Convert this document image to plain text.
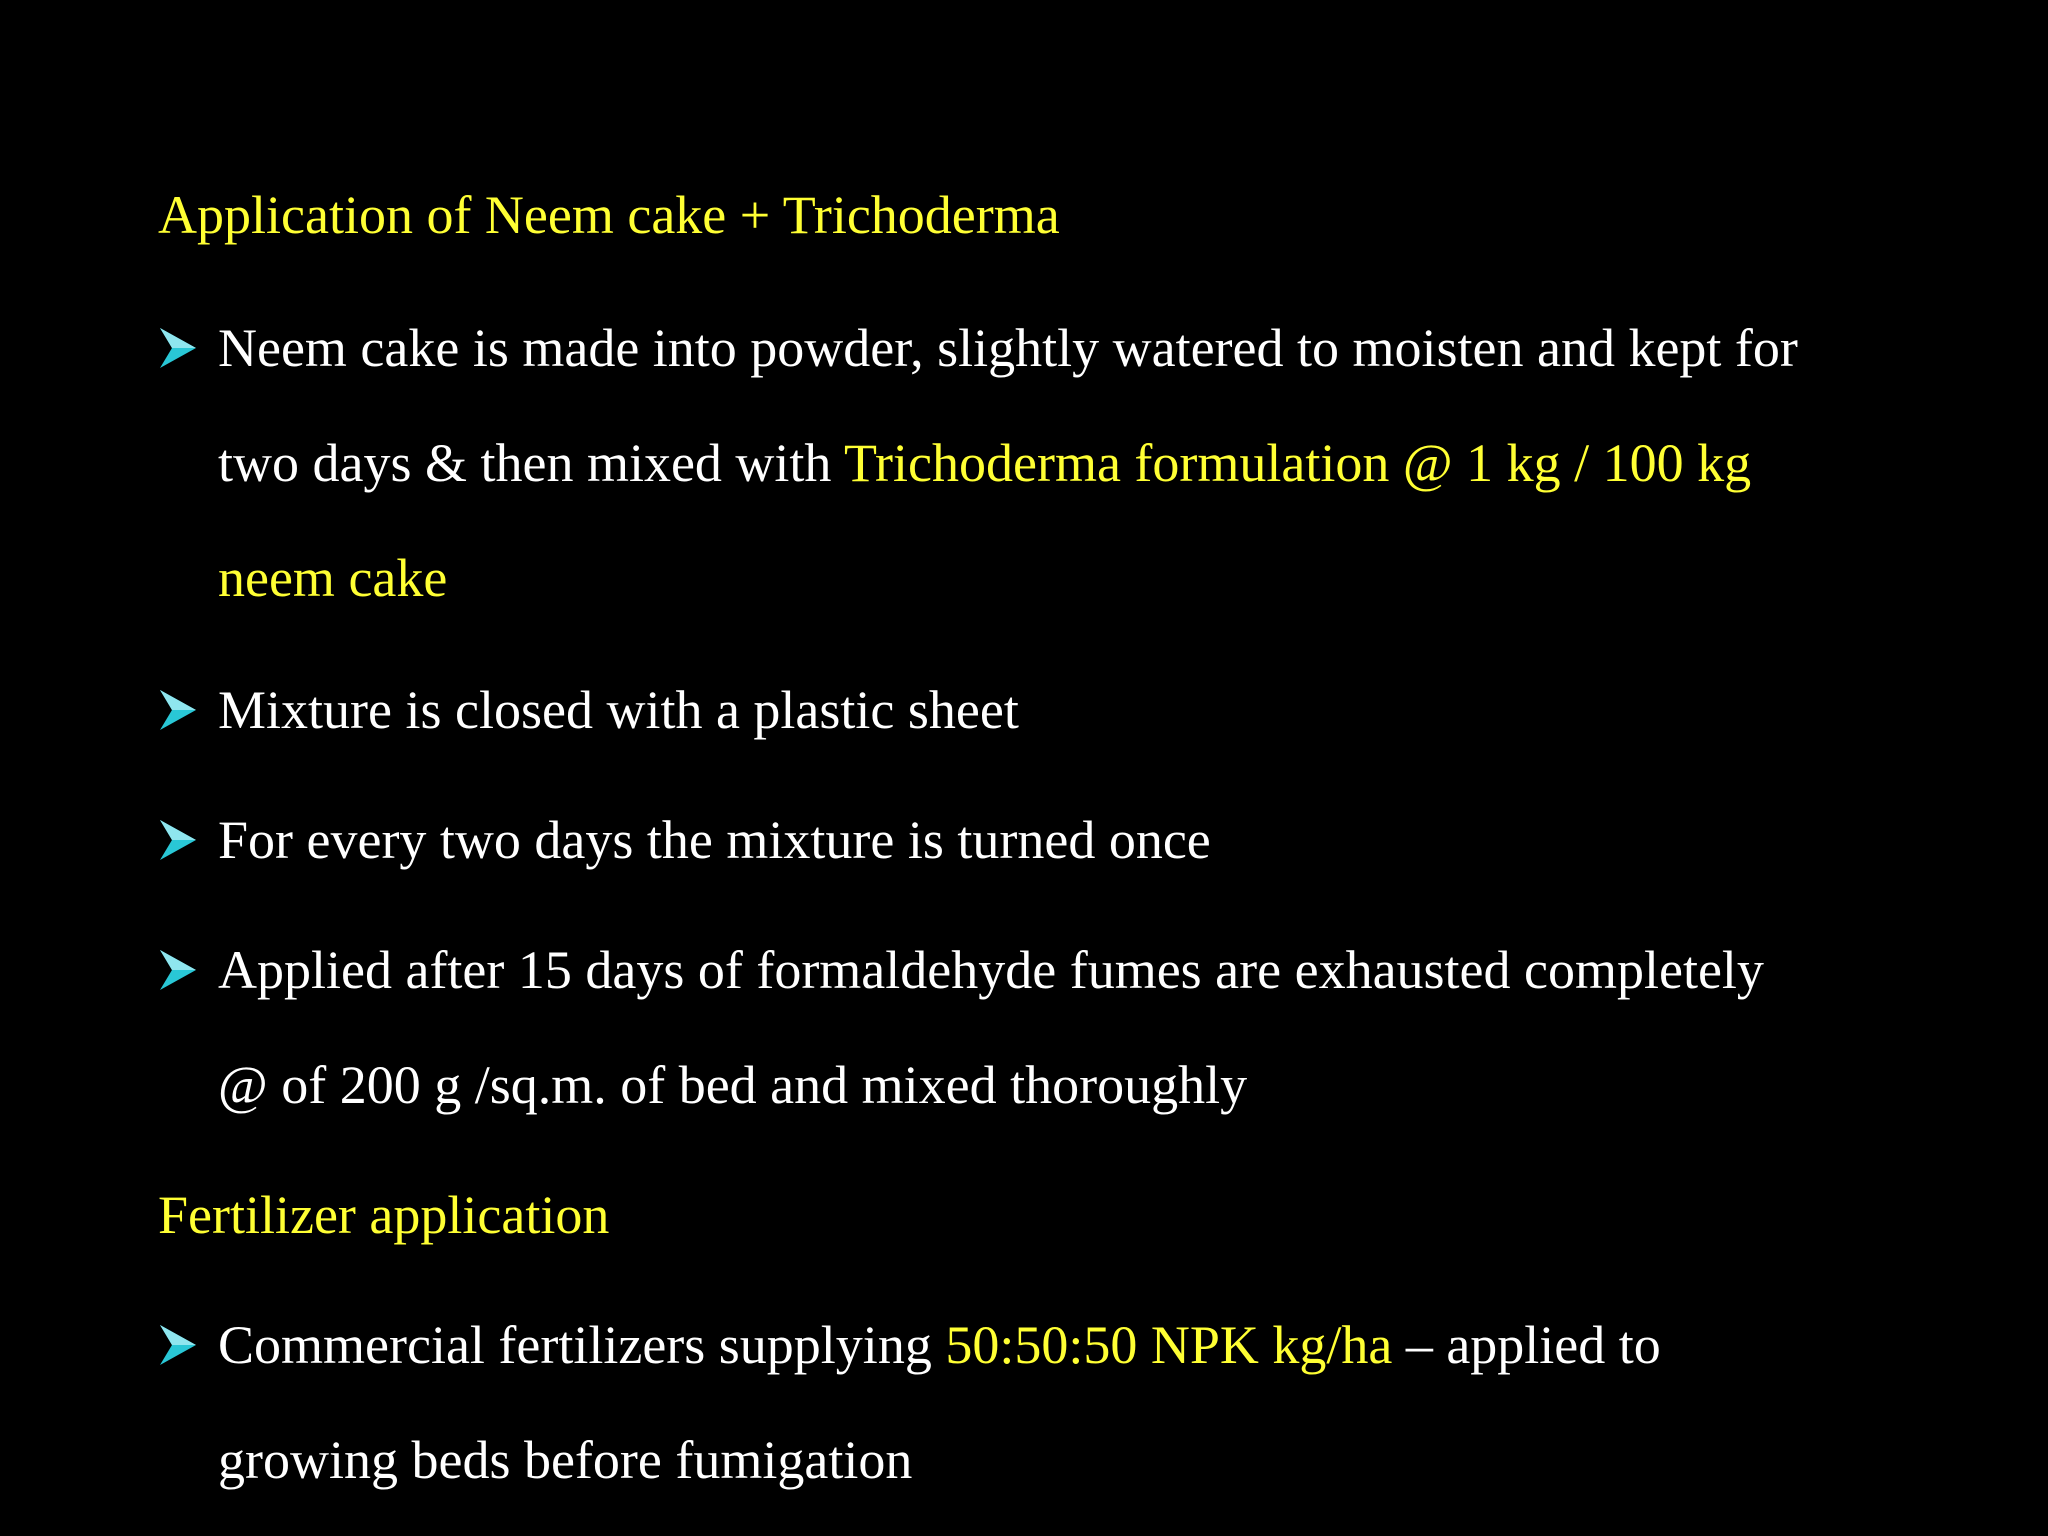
Application of Neem cake + Trichoderma
Neem cake is made into powder, slightly watered to moisten and kept for
two days & then mixed with Trichoderma formulation @ 1 kg / 100 kg
neem cake
Mixture is closed with a plastic sheet
For every two days the mixture is turned once
Applied after 15 days of formaldehyde fumes are exhausted completely
@ of 200 g /sq.m. of bed and mixed thoroughly
Fertilizer application
Commercial fertilizers supplying 50:50:50 NPK kg/ha – applied to
growing beds before fumigation
